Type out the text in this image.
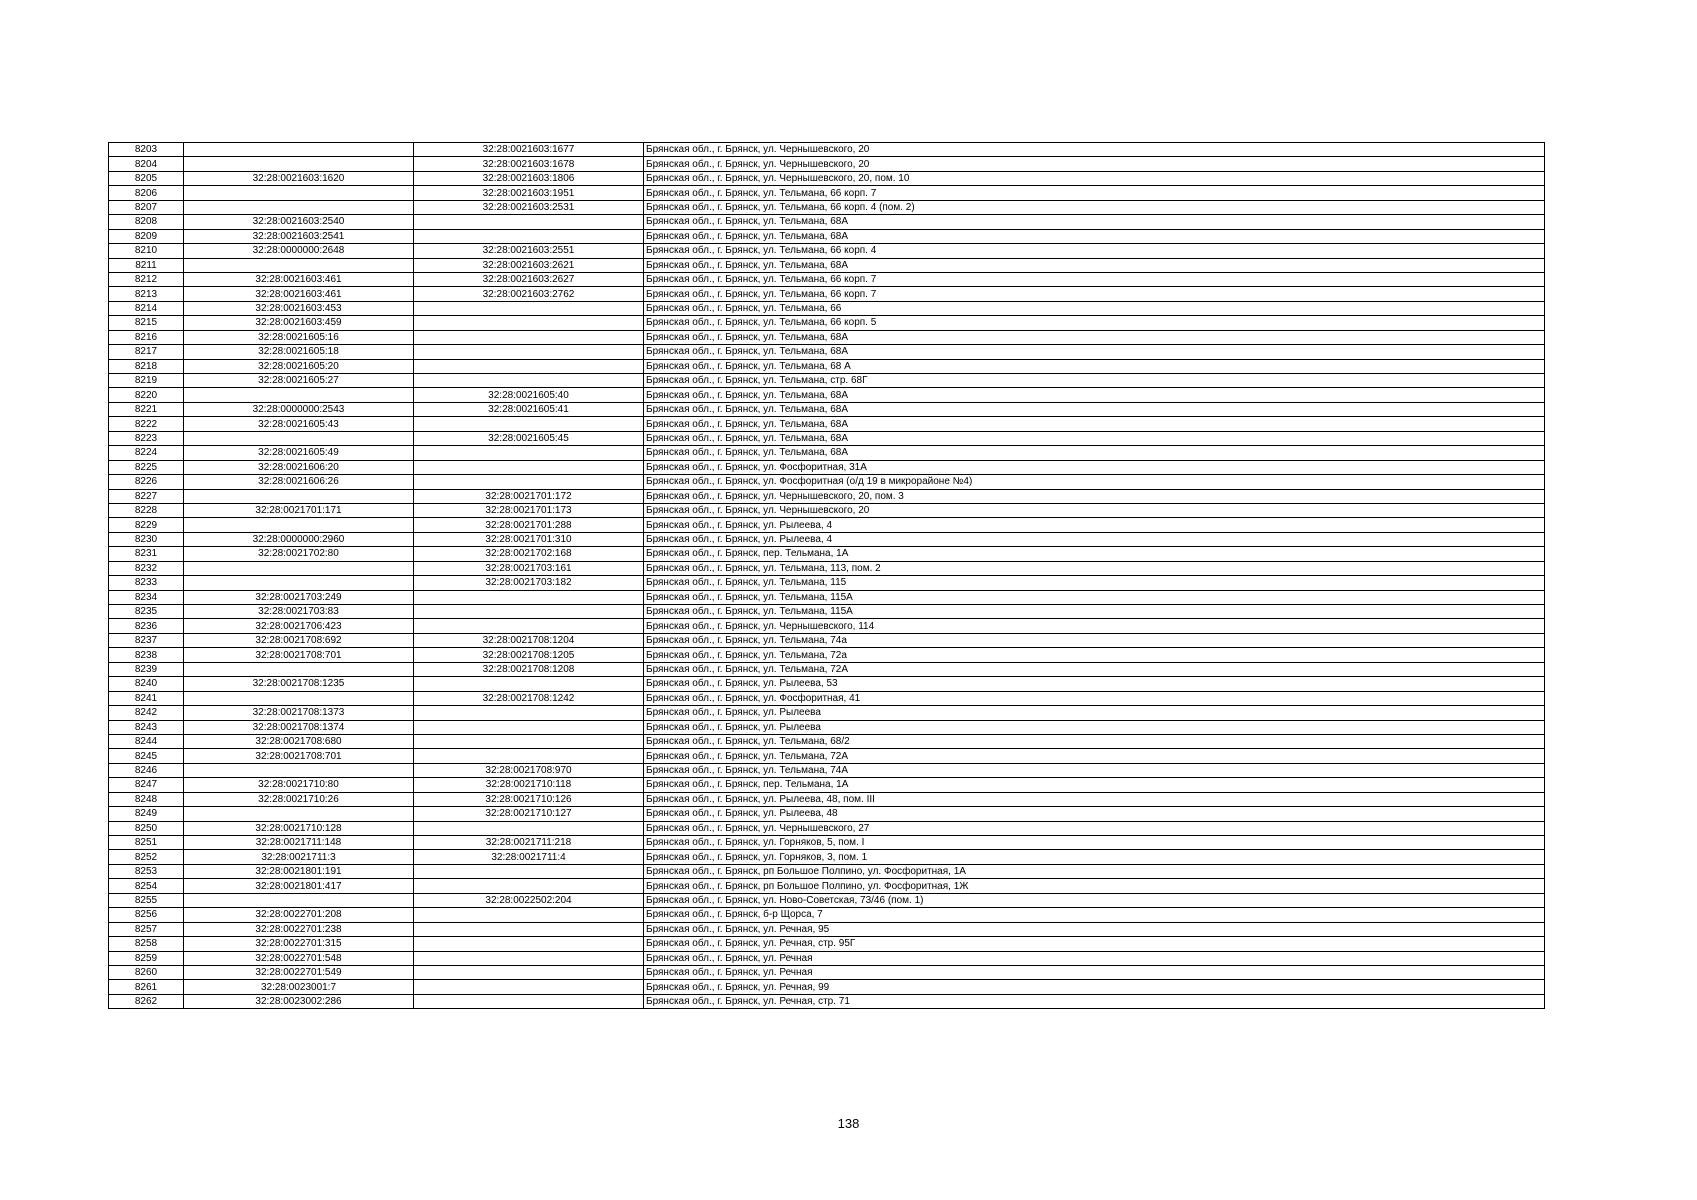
8203		32:28:0021603:1677	Брянская обл., г. Брянск, ул. Чернышевского, 20
8204		32:28:0021603:1678	Брянская обл., г. Брянск, ул. Чернышевского, 20
8205	32:28:0021603:1620	32:28:0021603:1806	Брянская обл., г. Брянск, ул. Чернышевского, 20, пом. 10
8206		32:28:0021603:1951	Брянская обл., г. Брянск, ул. Тельмана, 66 корп. 7
8207		32:28:0021603:2531	Брянская обл., г. Брянск, ул. Тельмана, 66 корп. 4 (пом. 2)
8208	32:28:0021603:2540		Брянская обл., г. Брянск, ул. Тельмана, 68А
8209	32:28:0021603:2541		Брянская обл., г. Брянск, ул. Тельмана, 68А
8210	32:28:0000000:2648	32:28:0021603:2551	Брянская обл., г. Брянск, ул. Тельмана, 66 корп. 4
8211		32:28:0021603:2621	Брянская обл., г. Брянск, ул. Тельмана, 68А
8212	32:28:0021603:461	32:28:0021603:2627	Брянская обл., г. Брянск, ул. Тельмана, 66 корп. 7
8213	32:28:0021603:461	32:28:0021603:2762	Брянская обл., г. Брянск, ул. Тельмана, 66 корп. 7
8214	32:28:0021603:453		Брянская обл., г. Брянск, ул. Тельмана, 66
8215	32:28:0021603:459		Брянская обл., г. Брянск, ул. Тельмана, 66 корп. 5
8216	32:28:0021605:16		Брянская обл., г. Брянск, ул. Тельмана, 68А
8217	32:28:0021605:18		Брянская обл., г. Брянск, ул. Тельмана, 68А
8218	32:28:0021605:20		Брянская обл., г. Брянск, ул. Тельмана, 68 А
8219	32:28:0021605:27		Брянская обл., г. Брянск, ул. Тельмана, стр. 68Г
8220		32:28:0021605:40	Брянская обл., г. Брянск, ул. Тельмана, 68А
8221	32:28:0000000:2543	32:28:0021605:41	Брянская обл., г. Брянск, ул. Тельмана, 68А
8222	32:28:0021605:43		Брянская обл., г. Брянск, ул. Тельмана, 68А
8223		32:28:0021605:45	Брянская обл., г. Брянск, ул. Тельмана, 68А
8224	32:28:0021605:49		Брянская обл., г. Брянск, ул. Тельмана, 68А
8225	32:28:0021606:20		Брянская обл., г. Брянск, ул. Фосфоритная, 31А
8226	32:28:0021606:26		Брянская обл., г. Брянск, ул. Фосфоритная (о/д 19 в микрорайоне №4)
8227		32:28:0021701:172	Брянская обл., г. Брянск, ул. Чернышевского, 20, пом. 3
8228	32:28:0021701:171	32:28:0021701:173	Брянская обл., г. Брянск, ул. Чернышевского, 20
8229		32:28:0021701:288	Брянская обл., г. Брянск, ул. Рылеева, 4
8230	32:28:0000000:2960	32:28:0021701:310	Брянская обл., г. Брянск, ул. Рылеева, 4
8231	32:28:0021702:80	32:28:0021702:168	Брянская обл., г. Брянск, пер. Тельмана, 1А
8232		32:28:0021703:161	Брянская обл., г. Брянск, ул. Тельмана, 113, пом. 2
8233		32:28:0021703:182	Брянская обл., г. Брянск, ул. Тельмана, 115
8234	32:28:0021703:249		Брянская обл., г. Брянск, ул. Тельмана, 115А
8235	32:28:0021703:83		Брянская обл., г. Брянск, ул. Тельмана, 115А
8236	32:28:0021706:423		Брянская обл., г. Брянск, ул. Чернышевского, 114
8237	32:28:0021708:692	32:28:0021708:1204	Брянская обл., г. Брянск, ул. Тельмана, 74а
8238	32:28:0021708:701	32:28:0021708:1205	Брянская обл., г. Брянск, ул. Тельмана, 72а
8239		32:28:0021708:1208	Брянская обл., г. Брянск, ул. Тельмана, 72А
8240	32:28:0021708:1235		Брянская обл., г. Брянск, ул. Рылеева, 53
8241		32:28:0021708:1242	Брянская обл., г. Брянск, ул. Фосфоритная, 41
8242	32:28:0021708:1373		Брянская обл., г. Брянск, ул. Рылеева
8243	32:28:0021708:1374		Брянская обл., г. Брянск, ул. Рылеева
8244	32:28:0021708:680		Брянская обл., г. Брянск, ул. Тельмана, 68/2
8245	32:28:0021708:701		Брянская обл., г. Брянск, ул. Тельмана, 72А
8246		32:28:0021708:970	Брянская обл., г. Брянск, ул. Тельмана, 74А
8247	32:28:0021710:80	32:28:0021710:118	Брянская обл., г. Брянск, пер. Тельмана, 1А
8248	32:28:0021710:26	32:28:0021710:126	Брянская обл., г. Брянск, ул. Рылеева, 48, пом. III
8249		32:28:0021710:127	Брянская обл., г. Брянск, ул. Рылеева, 48
8250	32:28:0021710:128		Брянская обл., г. Брянск, ул. Чернышевского, 27
8251	32:28:0021711:148	32:28:0021711:218	Брянская обл., г. Брянск, ул. Горняков, 5, пом. I
8252	32:28:0021711:3	32:28:0021711:4	Брянская обл., г. Брянск, ул. Горняков, 3, пом. 1
8253	32:28:0021801:191		Брянская обл., г. Брянск, рп Большое Полпино, ул. Фосфоритная, 1А
8254	32:28:0021801:417		Брянская обл., г. Брянск, рп Большое Полпино, ул. Фосфоритная, 1Ж
8255		32:28:0022502:204	Брянская обл., г. Брянск, ул. Ново-Советская, 73/46 (пом. 1)
8256	32:28:0022701:208		Брянская обл., г. Брянск, б-р Щорса, 7
8257	32:28:0022701:238		Брянская обл., г. Брянск, ул. Речная, 95
8258	32:28:0022701:315		Брянская обл., г. Брянск, ул. Речная, стр. 95Г
8259	32:28:0022701:548		Брянская обл., г. Брянск, ул. Речная
8260	32:28:0022701:549		Брянская обл., г. Брянск, ул. Речная
8261	32:28:0023001:7		Брянская обл., г. Брянск, ул. Речная, 99
8262	32:28:0023002:286		Брянская обл., г. Брянск, ул. Речная, стр. 71
138
